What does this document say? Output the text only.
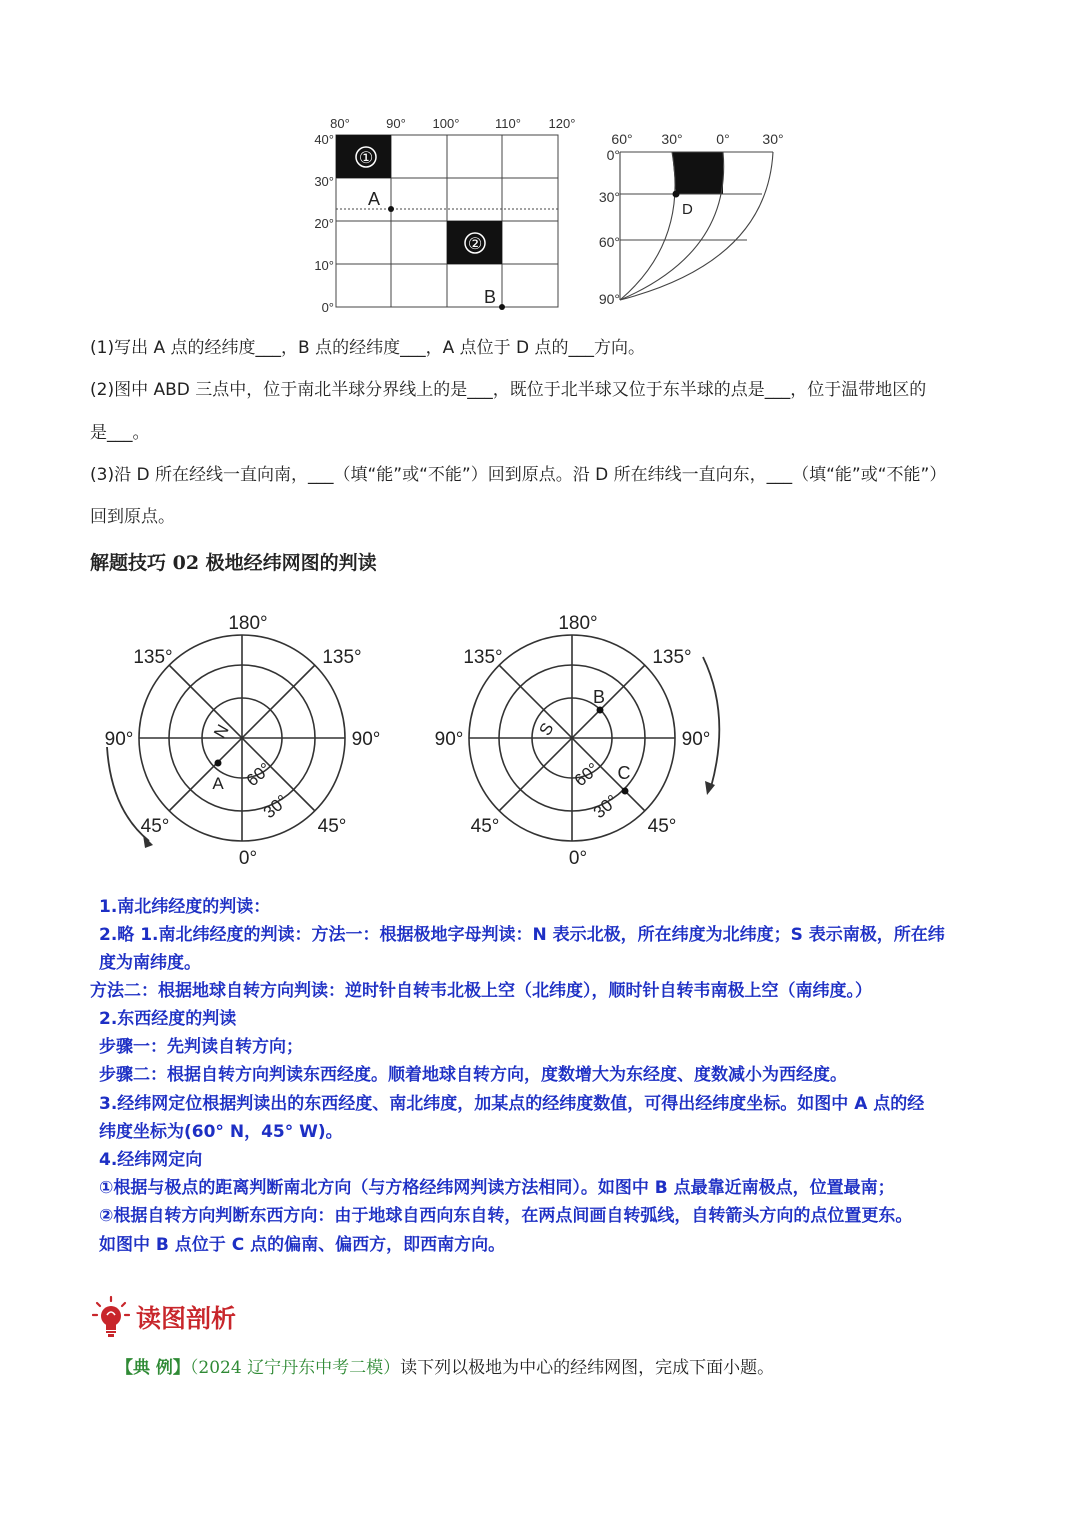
80°	90° 100°	110° 120°
40°
30°
20°
10°
0°
①
②
A
B
60° 30° 0° 30°
0°
30°
60°
90°
D
(1)写出 A 点的经纬度___，B 点的经纬度___，A 点位于 D 点的___方向。
(2)图中 ABD 三点中，位于南北半球分界线上的是___，既位于北半球又位于东半球的点是___，位于温带地区的
是___。
(3)沿 D 所在经线一直向南，___（填“能”或“不能”）回到原点。沿 D 所在纬线一直向东，___（填“能”或“不能”）
回到原点。
解题技巧 02 极地经纬网图的判读
180°
135°	135°
90°	90°
45°	45°
0°
N
60°
30°
A
180°
135°	135°
90°	90°
45°	45°
0°
S
60°
30°
B
C
1.南北纬经度的判读：
2.略 1.南北纬经度的判读：方法一：根据极地字母判读：N 表示北极，所在纬度为北纬度；S 表示南极，所在纬
度为南纬度。
方法二：根据地球自转方向判读：逆时针自转韦北极上空（北纬度），顺时针自转韦南极上空（南纬度。）
2.东西经度的判读
步骤一：先判读自转方向；
步骤二：根据自转方向判读东西经度。顺着地球自转方向，度数增大为东经度、度数减小为西经度。
3.经纬网定位根据判读出的东西经度、南北纬度，加某点的经纬度数值，可得出经纬度坐标。如图中 A 点的经
纬度坐标为(60° N，45° W)。
4.经纬网定向
①根据与极点的距离判断南北方向（与方格经纬网判读方法相同）。如图中 B 点最靠近南极点，位置最南；
②根据自转方向判断东西方向：由于地球自西向东自转，在两点间画自转弧线，自转箭头方向的点位置更东。
如图中 B 点位于 C 点的偏南、偏西方，即西南方向。
读图剖析
【典 例】（2024 辽宁丹东中考二模）读下列以极地为中心的经纬网图，完成下面小题。
